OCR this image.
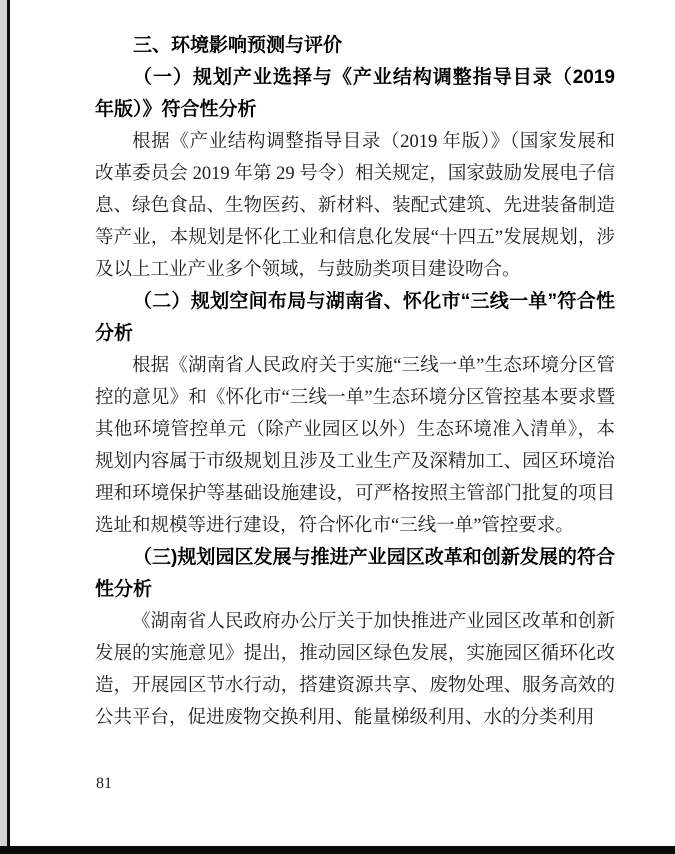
三、环境影响预测与评价
（一）规划产业选择与《产业结构调整指导目录（2019 年版）》符合性分析
根据《产业结构调整指导目录（2019 年版）》（国家发展和改革委员会 2019 年第 29 号令）相关规定，国家鼓励发展电子信息、绿色食品、生物医药、新材料、装配式建筑、先进装备制造等产业，本规划是怀化工业和信息化发展“十四五”发展规划，涉及以上工业产业多个领域，与鼓励类项目建设吻合。
（二）规划空间布局与湖南省、怀化市“三线一单”符合性分析
根据《湖南省人民政府关于实施“三线一单”生态环境分区管控的意见》和《怀化市“三线一单”生态环境分区管控基本要求暨其他环境管控单元（除产业园区以外）生态环境准入清单》，本规划内容属于市级规划且涉及工业生产及深精加工、园区环境治理和环境保护等基础设施建设，可严格按照主管部门批复的项目选址和规模等进行建设，符合怀化市“三线一单”管控要求。
（三)规划园区发展与推进产业园区改革和创新发展的符合性分析
《湖南省人民政府办公厅关于加快推进产业园区改革和创新发展的实施意见》提出，推动园区绿色发展，实施园区循环化改造，开展园区节水行动，搭建资源共享、废物处理、服务高效的公共平台，促进废物交换利用、能量梯级利用、水的分类利用
81
